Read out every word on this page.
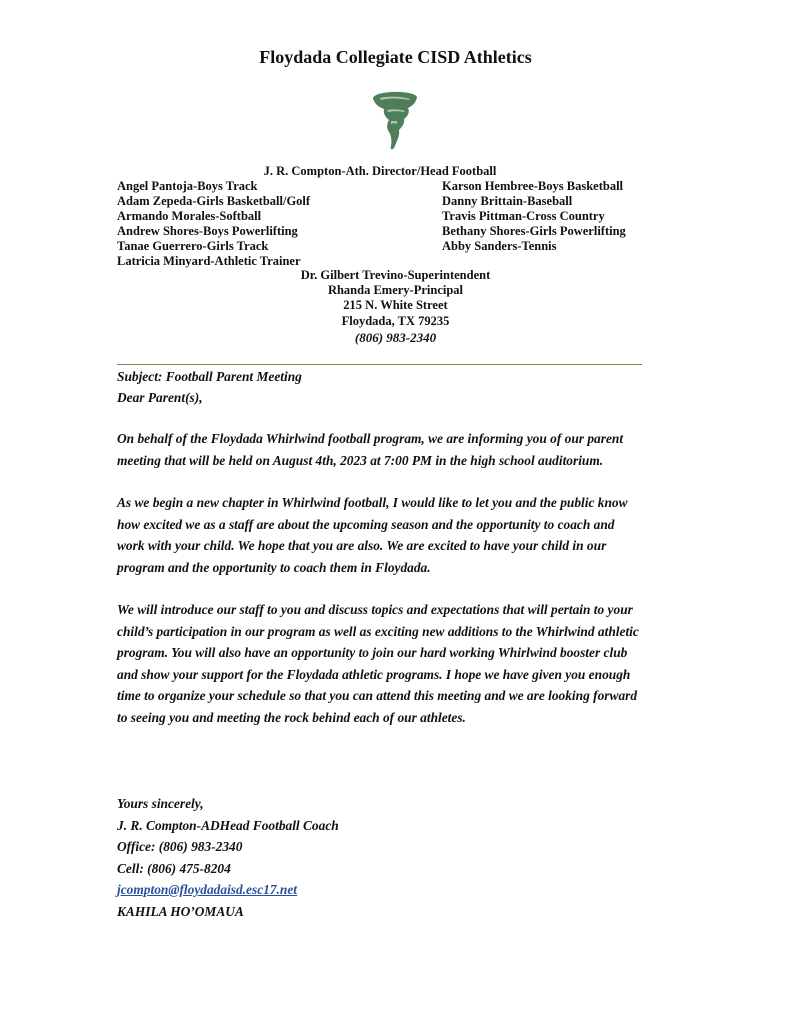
Floydada Collegiate CISD Athletics
J. R. Compton-Ath. Director/Head Football
Angel Pantoja-Boys Track
Adam Zepeda-Girls Basketball/Golf
Armando Morales-Softball
Andrew Shores-Boys Powerlifting
Tanae Guerrero-Girls Track
Latricia Minyard-Athletic Trainer
Karson Hembree-Boys Basketball
Danny Brittain-Baseball
Travis Pittman-Cross Country
Bethany Shores-Girls Powerlifting
Abby Sanders-Tennis
Dr. Gilbert Trevino-Superintendent
Rhanda Emery-Principal
215 N. White Street
Floydada, TX 79235
(806) 983-2340
Subject: Football Parent Meeting
Dear Parent(s),
On behalf of the Floydada Whirlwind football program, we are informing you of our parent
meeting that will be held on August 4th, 2023 at 7:00 PM in the high school auditorium.
As we begin a new chapter in Whirlwind football, I would like to let you and the public know
how excited we as a staff are about the upcoming season and the opportunity to coach and
work with your child. We hope that you are also. We are excited to have your child in our
program and the opportunity to coach them in Floydada.
We will introduce our staff to you and discuss topics and expectations that will pertain to your
child’s participation in our program as well as exciting new additions to the Whirlwind athletic
program. You will also have an opportunity to join our hard working Whirlwind booster club
and show your support for the Floydada athletic programs. I hope we have given you enough
time to organize your schedule so that you can attend this meeting and we are looking forward
to seeing you and meeting the rock behind each of our athletes.
Yours sincerely,
J. R. Compton-ADHead Football Coach
Office: (806) 983-2340
Cell: (806) 475-8204
jcompton@floydadaisd.esc17.net
KAHILA HO’OMAUA
